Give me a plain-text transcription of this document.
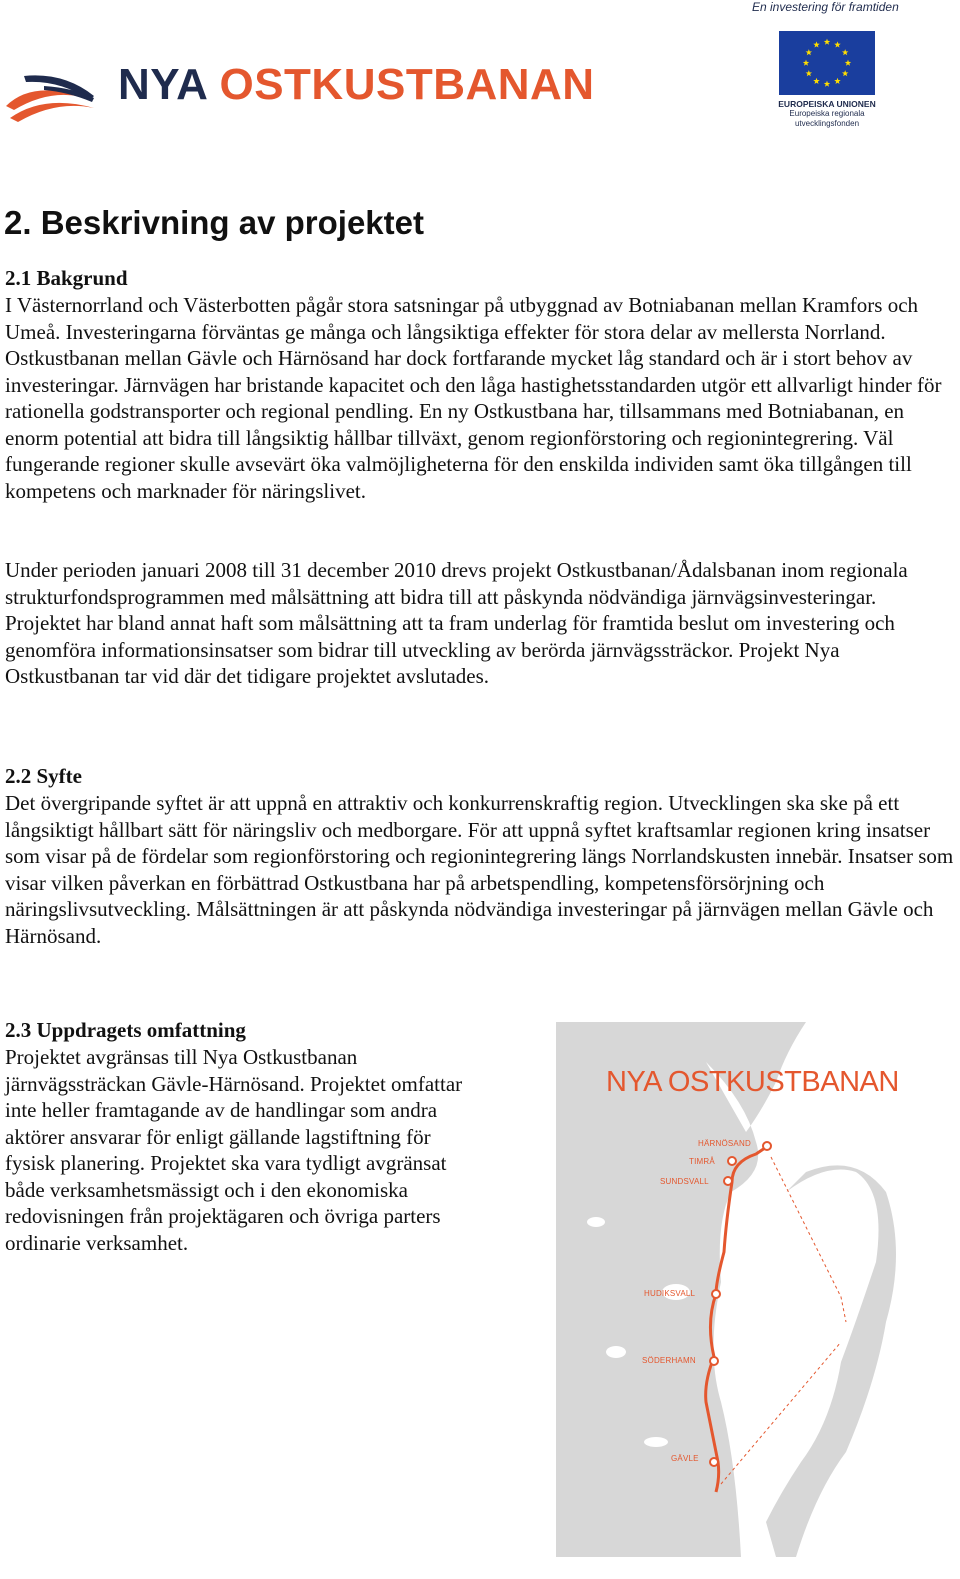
NYA OSTKUSTBANAN
En investering för framtiden
EUROPEISKA UNIONEN
Europeiska regionala
utvecklingsfonden
2. Beskrivning av projektet
2.1 Bakgrund
I Västernorrland och Västerbotten pågår stora satsningar på utbyggnad av Botniabanan mellan Kramfors och Umeå. Investeringarna förväntas ge många och långsiktiga effekter för stora delar av mellersta Norrland. Ostkustbanan mellan Gävle och Härnösand har dock fortfarande mycket låg standard och är i stort behov av investeringar. Järnvägen har bristande kapacitet och den låga hastighetsstandarden utgör ett allvarligt hinder för rationella godstransporter och regional pendling. En ny Ostkustbana har, tillsammans med Botniabanan, en enorm potential att bidra till långsiktig hållbar tillväxt, genom regionförstoring och regionintegrering. Väl fungerande regioner skulle avsevärt öka valmöjligheterna för den enskilda individen samt öka tillgången till kompetens och marknader för näringslivet.
Under perioden januari 2008 till 31 december 2010 drevs projekt Ostkustbanan/Ådalsbanan inom regionala strukturfondsprogrammen med målsättning att bidra till att påskynda nödvändiga järnvägsinvesteringar. Projektet har bland annat haft som målsättning att ta fram underlag för framtida beslut om investering och genomföra informationsinsatser som bidrar till utveckling av berörda järnvägssträckor. Projekt Nya Ostkustbanan tar vid där det tidigare projektet avslutades.
2.2 Syfte
Det övergripande syftet är att uppnå en attraktiv och konkurrenskraftig region. Utvecklingen ska ske på ett långsiktigt hållbart sätt för näringsliv och medborgare. För att uppnå syftet kraftsamlar regionen kring insatser som visar på de fördelar som regionförstoring och regionintegrering längs Norrlandskusten innebär. Insatser som visar vilken påverkan en förbättrad Ostkustbana har på arbetspendling, kompetensförsörjning och näringslivsutveckling. Målsättningen är att påskynda nödvändiga investeringar på järnvägen mellan Gävle och Härnösand.
2.3 Uppdragets omfattning
Projektet avgränsas till Nya Ostkustbanan järnvägssträckan Gävle-Härnösand. Projektet omfattar inte heller framtagande av de handlingar som andra aktörer ansvarar för enligt gällande lagstiftning för fysisk planering. Projektet ska vara tydligt avgränsat både verksamhetsmässigt och i den ekonomiska redovisningen från projektägaren och övriga parters ordinarie verksamhet.
NYA OSTKUSTBANAN
HÄRNÖSAND
TIMRÅ
SUNDSVALL
HUDIKSVALL
SÖDERHAMN
GÄVLE
